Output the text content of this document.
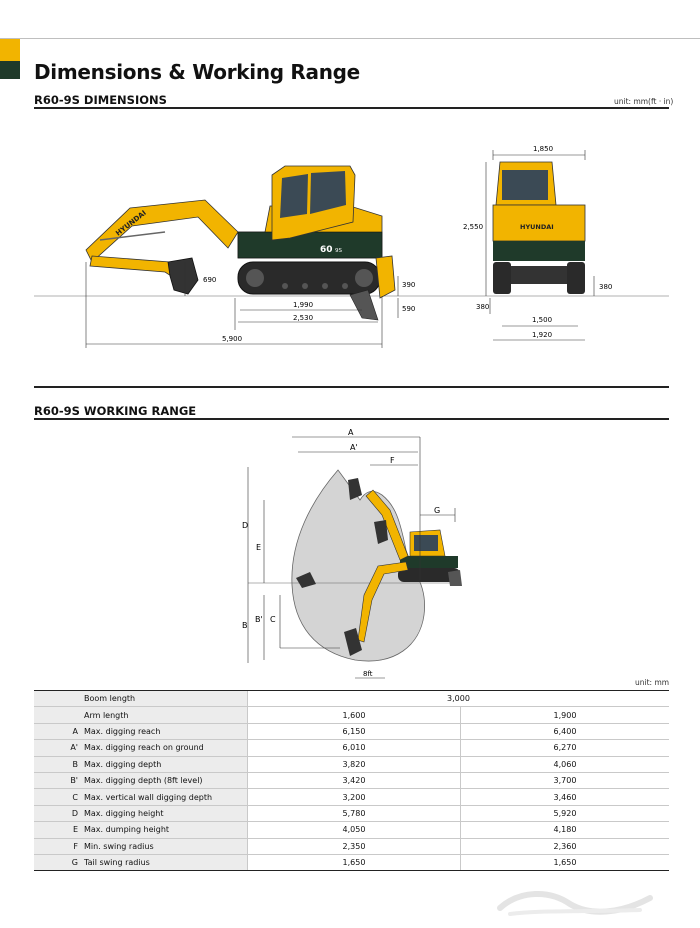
Dimensions & Working Range
R60-9S DIMENSIONS	unit: mm(ft · in)
HYUNDAI
60 9S
690
390
590
1,990
2,530
5,900
HYUNDAI
1,850
2,550
380
380
1,500
1,920
R60-9S WORKING RANGE
A
A'
F
G
D
E
B
B' C
8ft
unit: mm
	Boom length	3,000	
	Arm length	1,600	1,900
A	Max. digging reach	6,150	6,400
A'	Max. digging reach on ground	6,010	6,270
B	Max. digging depth	3,820	4,060
B'	Max. digging depth (8ft level)	3,420	3,700
C	Max. vertical wall digging depth	3,200	3,460
D	Max. digging height	5,780	5,920
E	Max. dumping height	4,050	4,180
F	Min. swing radius	2,350	2,360
G	Tail swing radius	1,650	1,650
